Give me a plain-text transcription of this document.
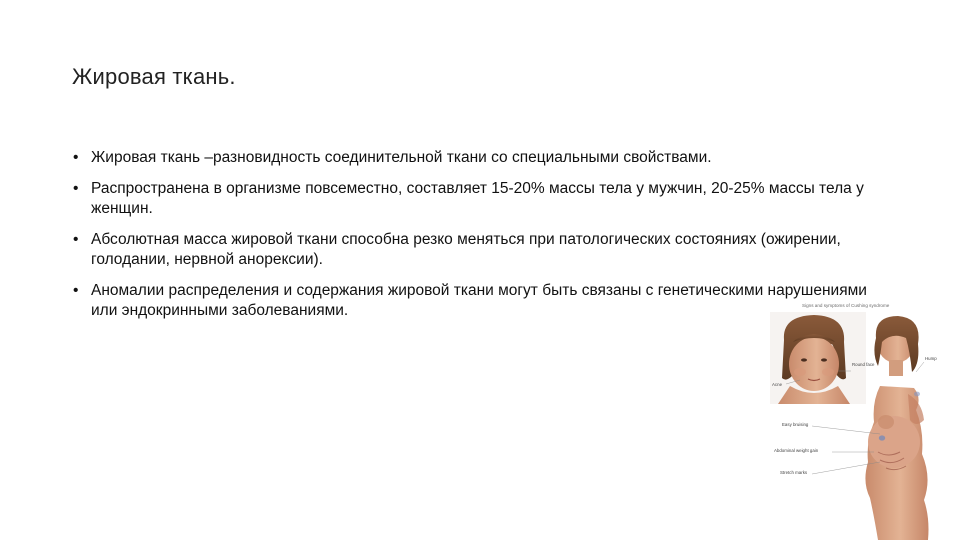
Жировая ткань.
• Жировая ткань –разновидность соединительной ткани со специальными свойствами.
• Распространена в организме повсеместно, составляет 15-20% массы тела у мужчин, 20-25% массы тела у женщин.
• Абсолютная масса жировой ткани способна резко меняться при патологических состояниях (ожирении, голодании, нервной анорексии).
• Аномалии распределения и содержания жировой ткани могут быть связаны с генетическими нарушениями или эндокринными заболеваниями.	Signs and symptoms of Cushing syndrome
Round face
Hump
Acne
Easy bruising
Abdominal weight gain
Stretch marks
